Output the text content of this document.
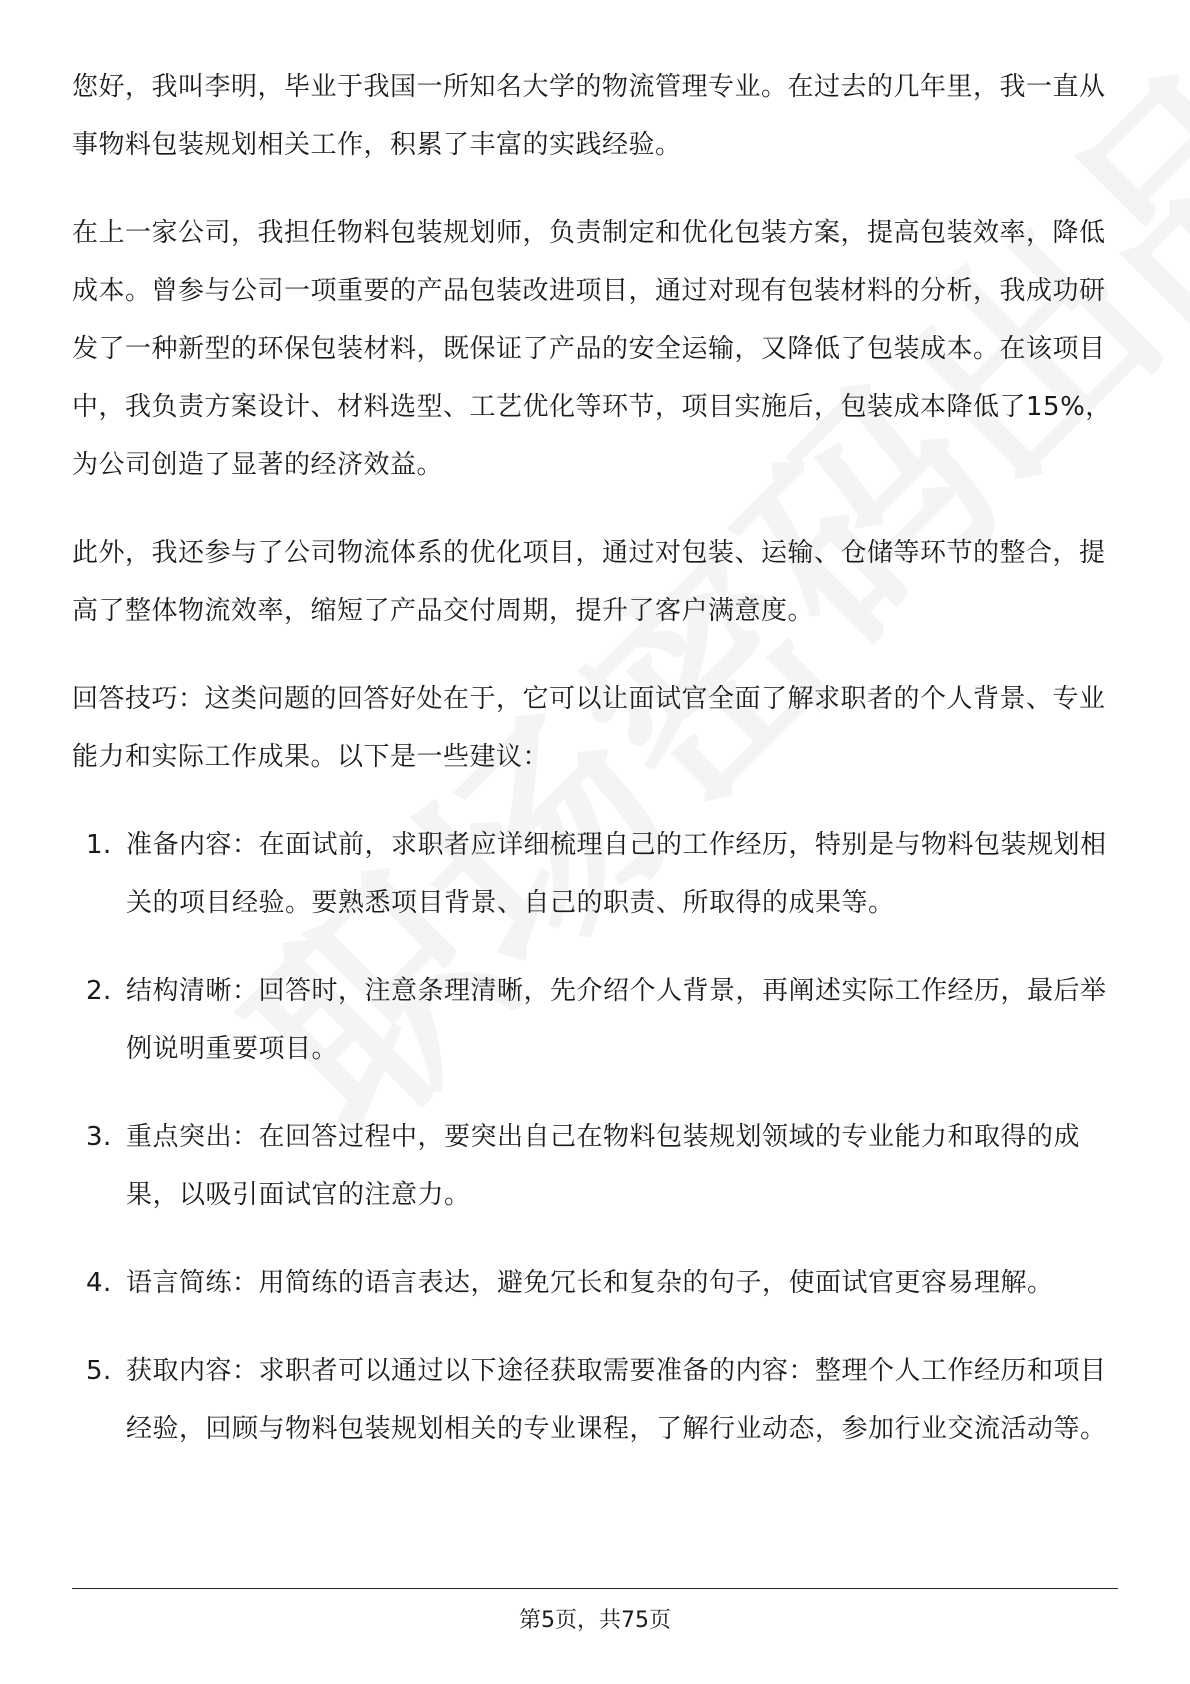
您好，我叫李明，毕业于我国一所知名大学的物流管理专业。在过去的几年里，我一直从事物料包装规划相关工作，积累了丰富的实践经验。

在上一家公司，我担任物料包装规划师，负责制定和优化包装方案，提高包装效率，降低成本。曾参与公司一项重要的产品包装改进项目，通过对现有包装材料的分析，我成功研发了一种新型的环保包装材料，既保证了产品的安全运输，又降低了包装成本。在该项目中，我负责方案设计、材料选型、工艺优化等环节，项目实施后，包装成本降低了15%，为公司创造了显著的经济效益。

此外，我还参与了公司物流体系的优化项目，通过对包装、运输、仓储等环节的整合，提高了整体物流效率，缩短了产品交付周期，提升了客户满意度。

回答技巧：这类问题的回答好处在于，它可以让面试官全面了解求职者的个人背景、专业能力和实际工作成果。以下是一些建议：

1. 准备内容：在面试前，求职者应详细梳理自己的工作经历，特别是与物料包装规划相关的项目经验。要熟悉项目背景、自己的职责、所取得的成果等。
2. 结构清晰：回答时，注意条理清晰，先介绍个人背景，再阐述实际工作经历，最后举例说明重要项目。
3. 重点突出：在回答过程中，要突出自己在物料包装规划领域的专业能力和取得的成果，以吸引面试官的注意力。
4. 语言简练：用简练的语言表达，避免冗长和复杂的句子，使面试官更容易理解。
5. 获取内容：求职者可以通过以下途径获取需要准备的内容：整理个人工作经历和项目经验，回顾与物料包装规划相关的专业课程，了解行业动态，参加行业交流活动等。
第5页，共75页
